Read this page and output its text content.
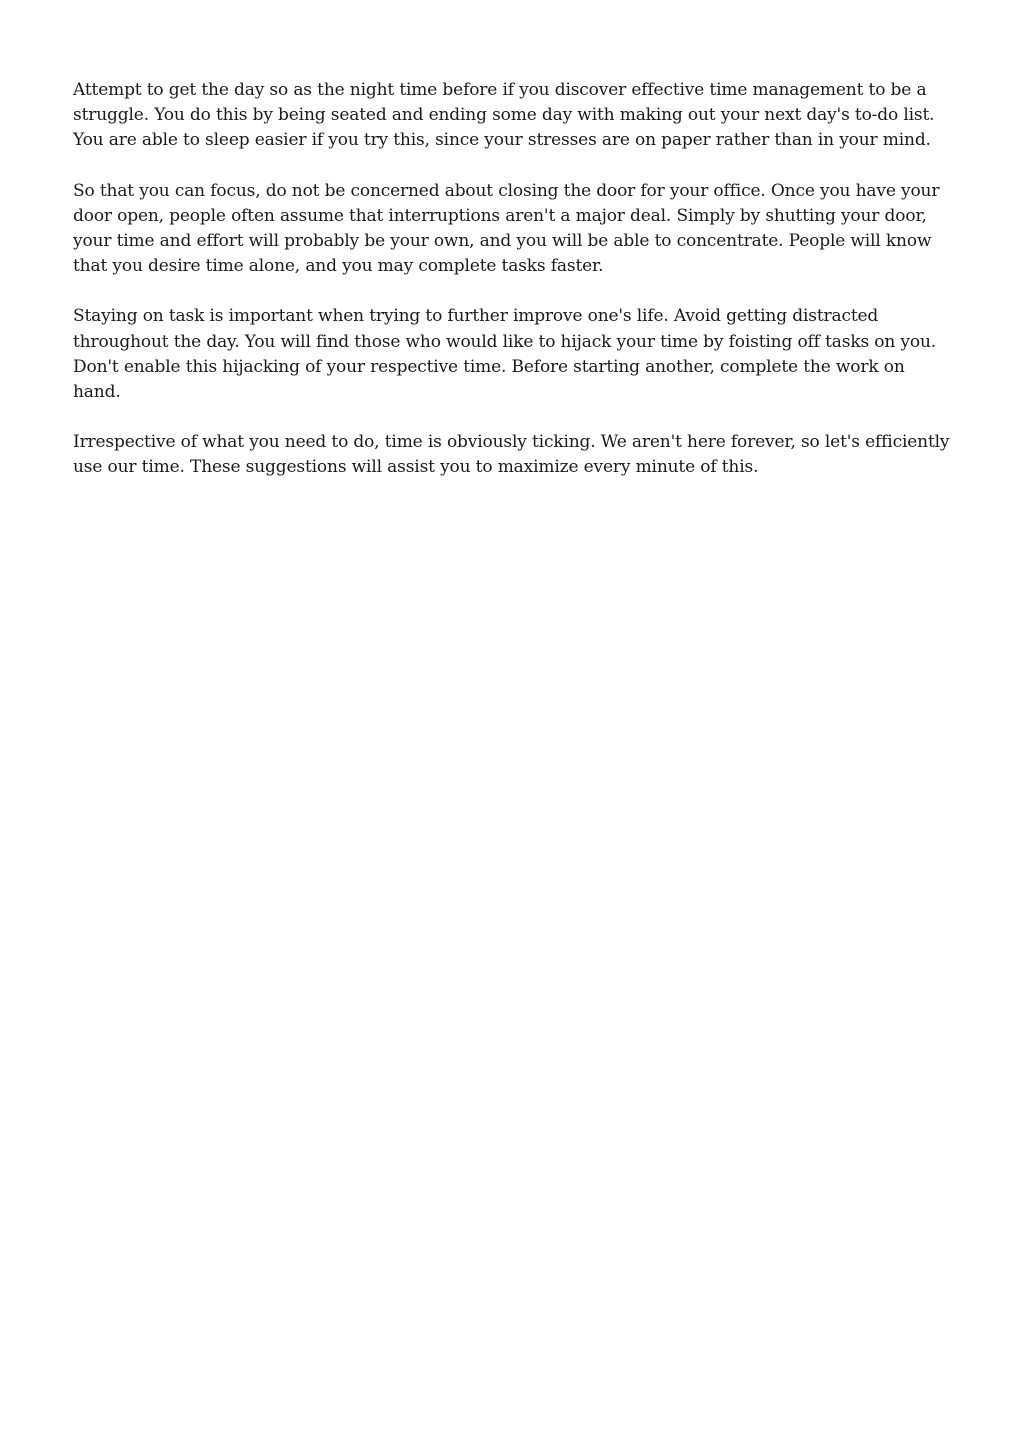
Attempt to get the day so as the night time before if you discover effective time management to be a struggle. You do this by being seated and ending some day with making out your next day's to-do list. You are able to sleep easier if you try this, since your stresses are on paper rather than in your mind.

So that you can focus, do not be concerned about closing the door for your office. Once you have your door open, people often assume that interruptions aren't a major deal. Simply by shutting your door, your time and effort will probably be your own, and you will be able to concentrate. People will know that you desire time alone, and you may complete tasks faster.

Staying on task is important when trying to further improve one's life. Avoid getting distracted throughout the day. You will find those who would like to hijack your time by foisting off tasks on you. Don't enable this hijacking of your respective time. Before starting another, complete the work on hand.

Irrespective of what you need to do, time is obviously ticking. We aren't here forever, so let's efficiently use our time. These suggestions will assist you to maximize every minute of this.
